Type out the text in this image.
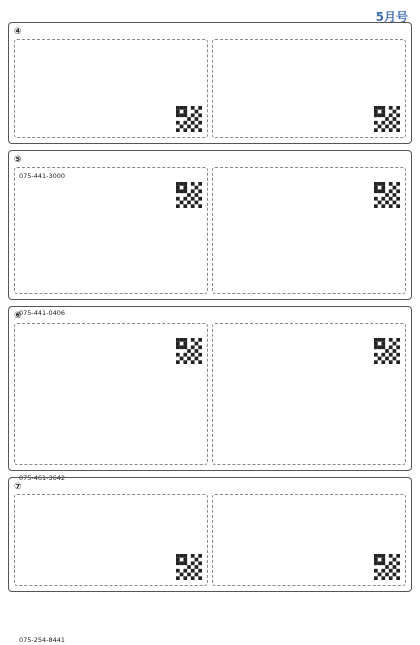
5月号
④

075-441-3000

⑤

075-441-0406

⑥

075-461-3642

⑦

075-254-8441
